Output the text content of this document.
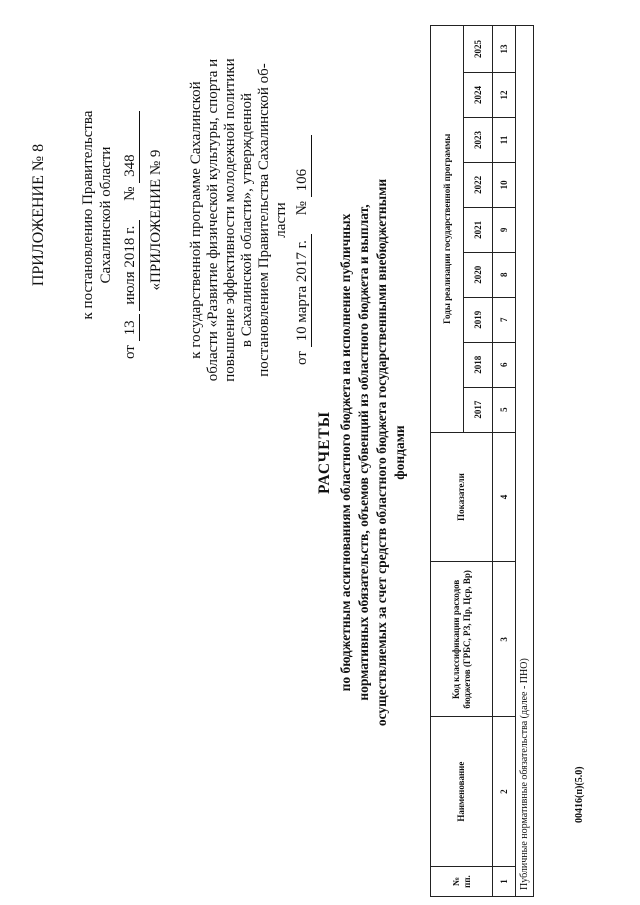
ПРИЛОЖЕНИЕ № 8 к постановлению Правительства Сахалинской области
от 13 июля 2018 г.     № 348 «ПРИЛОЖЕНИЕ № 9 к государственной программе Сахалинской области «Развитие физической культуры, спорта и повышение эффективности молодежной политики в Сахалинской области», утвержденной постановлением Правительства Сахалинской об- ласти
от 10 марта 2017 г.     № 106
РАСЧЕТЫ по бюджетным ассигнованиям областного бюджета на исполнение публичных нормативных обязательств, объемов субвенций из областного бюджета и выплат, осуществляемых за счет средств областного бюджета государственными внебюджетными фондами
№ пп.	Наименование	Код классификации расходов бюджетов (ГРБС, РЗ, Пр, Цср, Вр)	Показатели	Годы реализации государственной программы								
				2017	2018	2019	2020	2021	2022	2023	2024	2025
1	2	3	4	5	6	7	8	9	10	11	12	13
Публичные нормативные обязательства (далее - ПНО)													00416(п)(5.0)
